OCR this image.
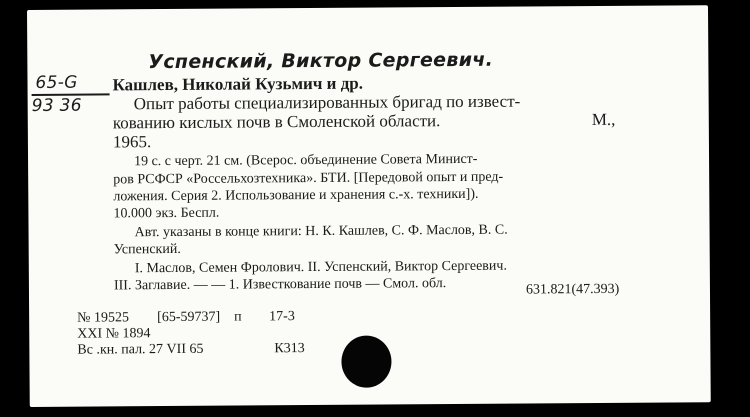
Успенский, Виктор Сергеевич.
65-G
93 36
Кашлев, Николай Кузьмич и др.
Опыт работы специализированных бригад по извест-
кованию кислых почв в Смоленской области.	М.,
1965.
19 с. с черт. 21 см. (Всерос. объединение Совета Минист-
ров РСФСР «Россельхозтехника». БТИ. [Передовой опыт и пред-
ложения. Серия 2. Использование и хранения с.-х. техники]).
10.000 экз. Беспл.
Авт. указаны в конце книги: Н. К. Кашлев, С. Ф. Маслов, В. С.
Успенский.
I. Маслов, Семен Фролович. II. Успенский, Виктор Сергеевич.
III. Заглавие. — — 1. Известкование почв — Смол. обл.	631.821(47.393)
№ 19525 [65-59737] п 17-3
XXI № 1894
Вс .кн. пал. 27 VII 65	К313
